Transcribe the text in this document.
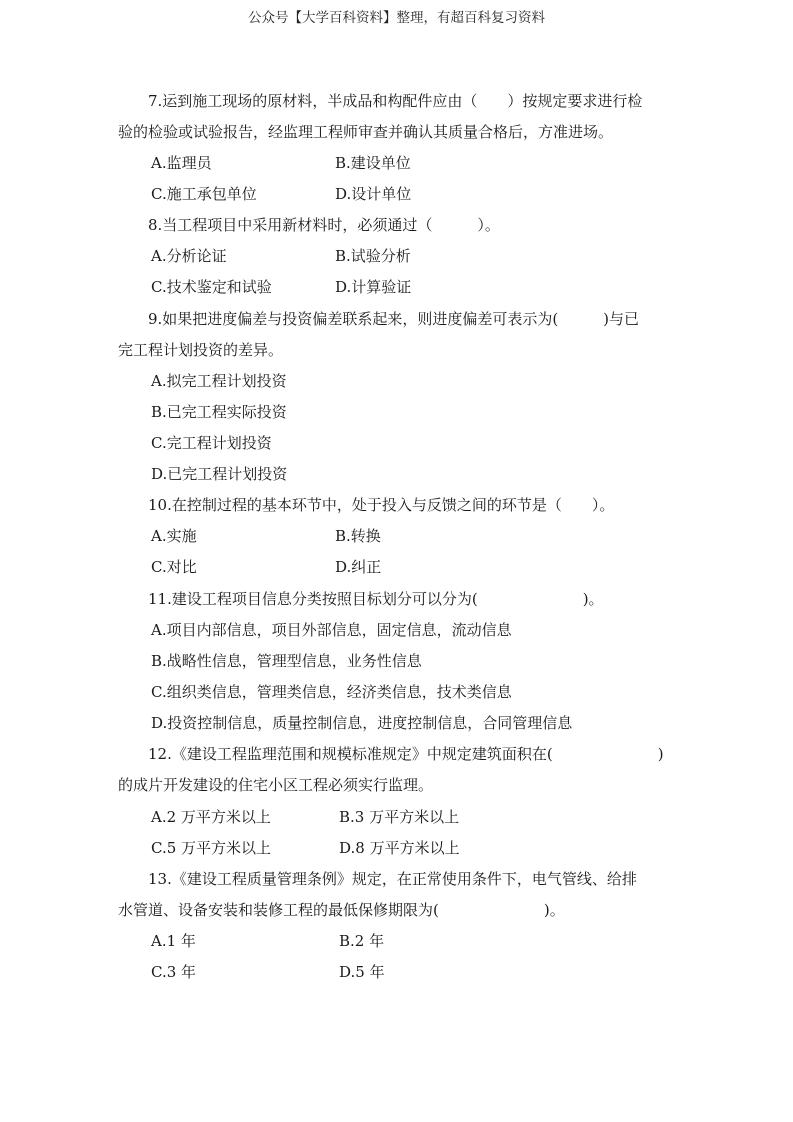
公众号【大学百科资料】整理，有超百科复习资料
7.运到施工现场的原材料，半成品和构配件应由（　　）按规定要求进行检
验的检验或试验报告，经监理工程师审查并确认其质量合格后，方准进场。
A.监理员	B.建设单位
C.施工承包单位	D.设计单位
8.当工程项目中采用新材料时，必须通过（　　　）。
A.分析论证	B.试验分析
C.技术鉴定和试验	D.计算验证
9.如果把进度偏差与投资偏差联系起来，则进度偏差可表示为(　　　)与已
完工程计划投资的差异。
A.拟完工程计划投资
B.已完工程实际投资
C.完工程计划投资
D.已完工程计划投资
10.在控制过程的基本环节中，处于投入与反馈之间的环节是（　　）。
A.实施	B.转换
C.对比	D.纠正
11.建设工程项目信息分类按照目标划分可以分为(　　　　　　　)。
A.项目内部信息，项目外部信息，固定信息，流动信息
B.战略性信息，管理型信息，业务性信息
C.组织类信息，管理类信息，经济类信息，技术类信息
D.投资控制信息，质量控制信息，进度控制信息，合同管理信息
12.《建设工程监理范围和规模标准规定》中规定建筑面积在(　　　　　　　)
的成片开发建设的住宅小区工程必须实行监理。
A.2 万平方米以上	B.3 万平方米以上
C.5 万平方米以上	D.8 万平方米以上
13.《建设工程质量管理条例》规定，在正常使用条件下，电气管线、给排
水管道、设备安装和装修工程的最低保修期限为(　　　　　　　)。
A.1 年	B.2 年
C.3 年	D.5 年
